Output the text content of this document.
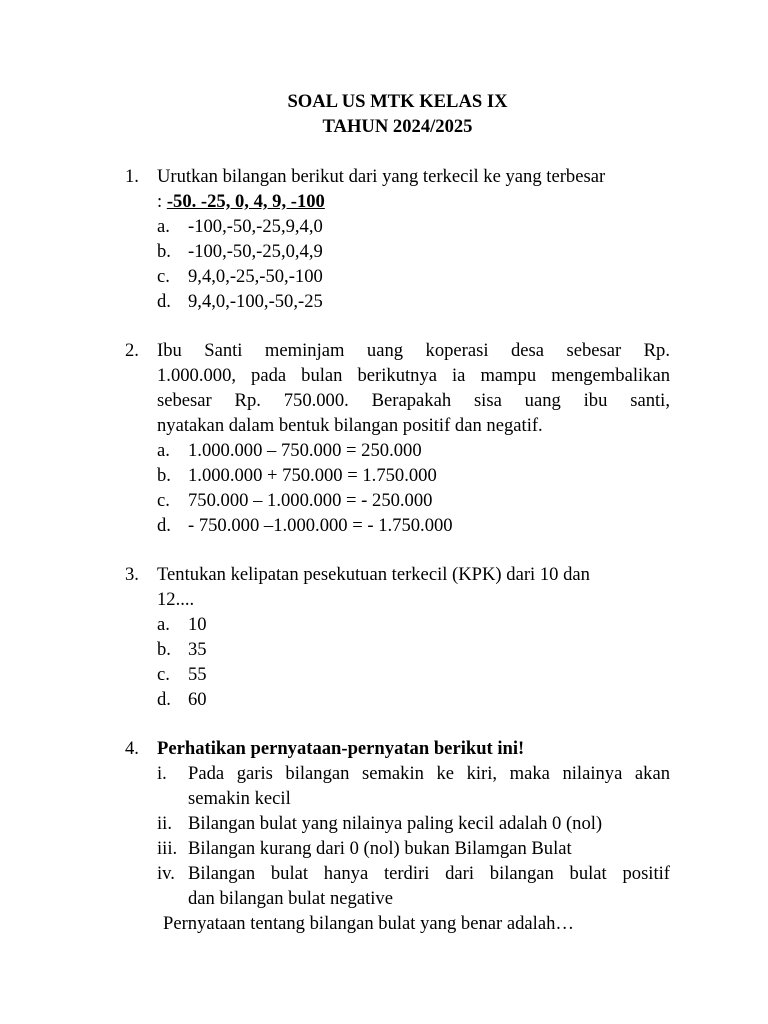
SOAL US MTK KELAS IX
TAHUN 2024/2025
1. Urutkan bilangan berikut dari yang terkecil ke yang terbesar
: -50. -25, 0, 4, 9, -100
a. -100,-50,-25,9,4,0
b. -100,-50,-25,0,4,9
c. 9,4,0,-25,-50,-100
d. 9,4,0,-100,-50,-25
2. Ibu Santi meminjam uang koperasi desa sebesar Rp.
1.000.000, pada bulan berikutnya ia mampu mengembalikan
sebesar Rp. 750.000. Berapakah sisa uang ibu santi,
nyatakan dalam bentuk bilangan positif dan negatif.
a. 1.000.000 – 750.000 = 250.000
b. 1.000.000 + 750.000 = 1.750.000
c. 750.000 – 1.000.000 = - 250.000
d. - 750.000 –1.000.000 = - 1.750.000
3. Tentukan kelipatan pesekutuan terkecil (KPK) dari 10 dan
12....
a. 10
b. 35
c. 55
d. 60
4. Perhatikan pernyataan-pernyatan berikut ini!
i. Pada garis bilangan semakin ke kiri, maka nilainya akan
semakin kecil
ii. Bilangan bulat yang nilainya paling kecil adalah 0 (nol)
iii. Bilangan kurang dari 0 (nol) bukan Bilamgan Bulat
iv. Bilangan bulat hanya terdiri dari bilangan bulat positif
dan bilangan bulat negative
Pernyataan tentang bilangan bulat yang benar adalah…
